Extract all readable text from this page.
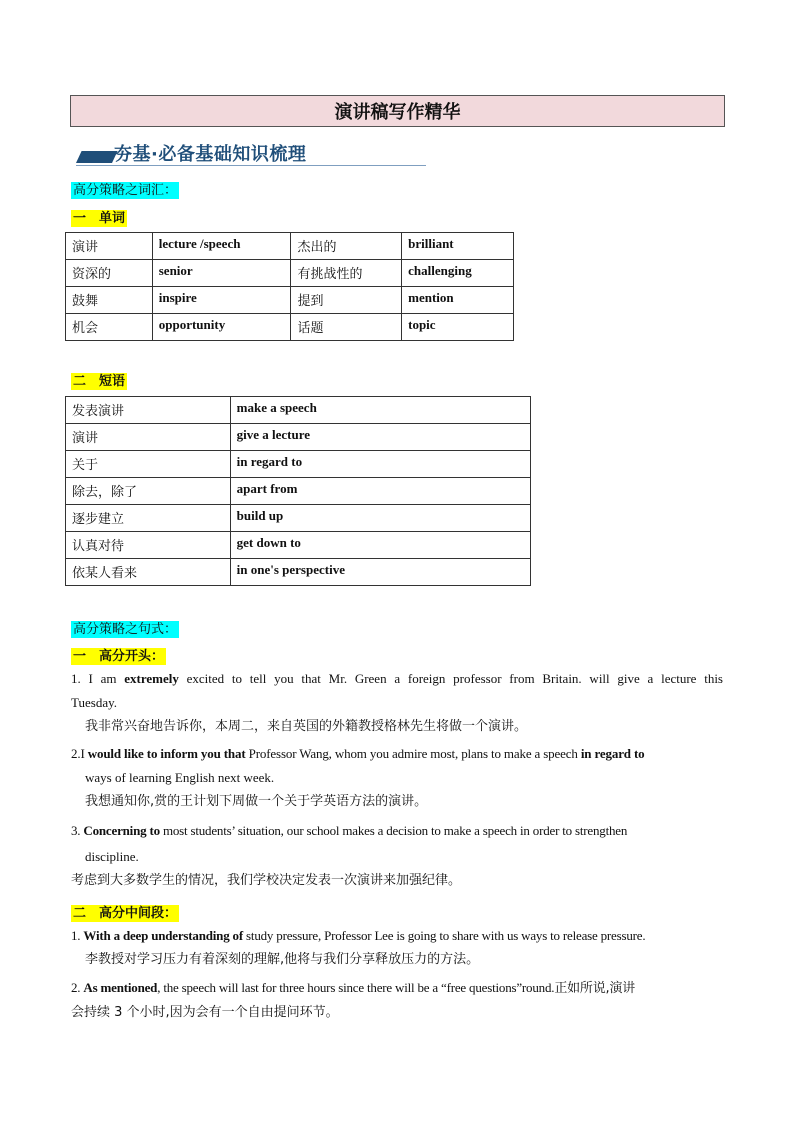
演讲稿写作精华
夯基·必备基础知识梳理
高分策略之词汇：
一　单词
演讲	lecture /speech	杰出的	brilliant
资深的	senior	有挑战性的	challenging
鼓舞	inspire	提到	mention
机会	opportunity	话题	topic
二　短语
发表演讲	make a speech
演讲	give a lecture
关于	in regard to
除去，除了	apart from
逐步建立	build up
认真对待	get down to
依某人看来	in one's perspective
高分策略之句式：
一　高分开头：
1. I am extremely excited to tell you that Mr. Green a foreign professor from Britain. will give a lecture this
Tuesday.
我非常兴奋地告诉你，本周二，来自英国的外籍教授格林先生将做一个演讲。
2.I would like to inform you that Professor Wang, whom you admire most, plans to make a speech in regard to
ways of learning English next week.
我想通知你,赏的王计划下周做一个关于学英语方法的演讲。
3. Concerning to most students’ situation, our school makes a decision to make a speech in order to strengthen
discipline.
考虑到大多数学生的情况，我们学校决定发表一次演讲来加强纪律。
二　高分中间段：
1. With a deep understanding of study pressure, Professor Lee is going to share with us ways to release pressure.
李教授对学习压力有着深刻的理解,他将与我们分享释放压力的方法。
2. As mentioned, the speech will last for three hours since there will be a “free questions”round.正如所说,演讲
会持续 3 个小时,因为会有一个自由提问环节。
